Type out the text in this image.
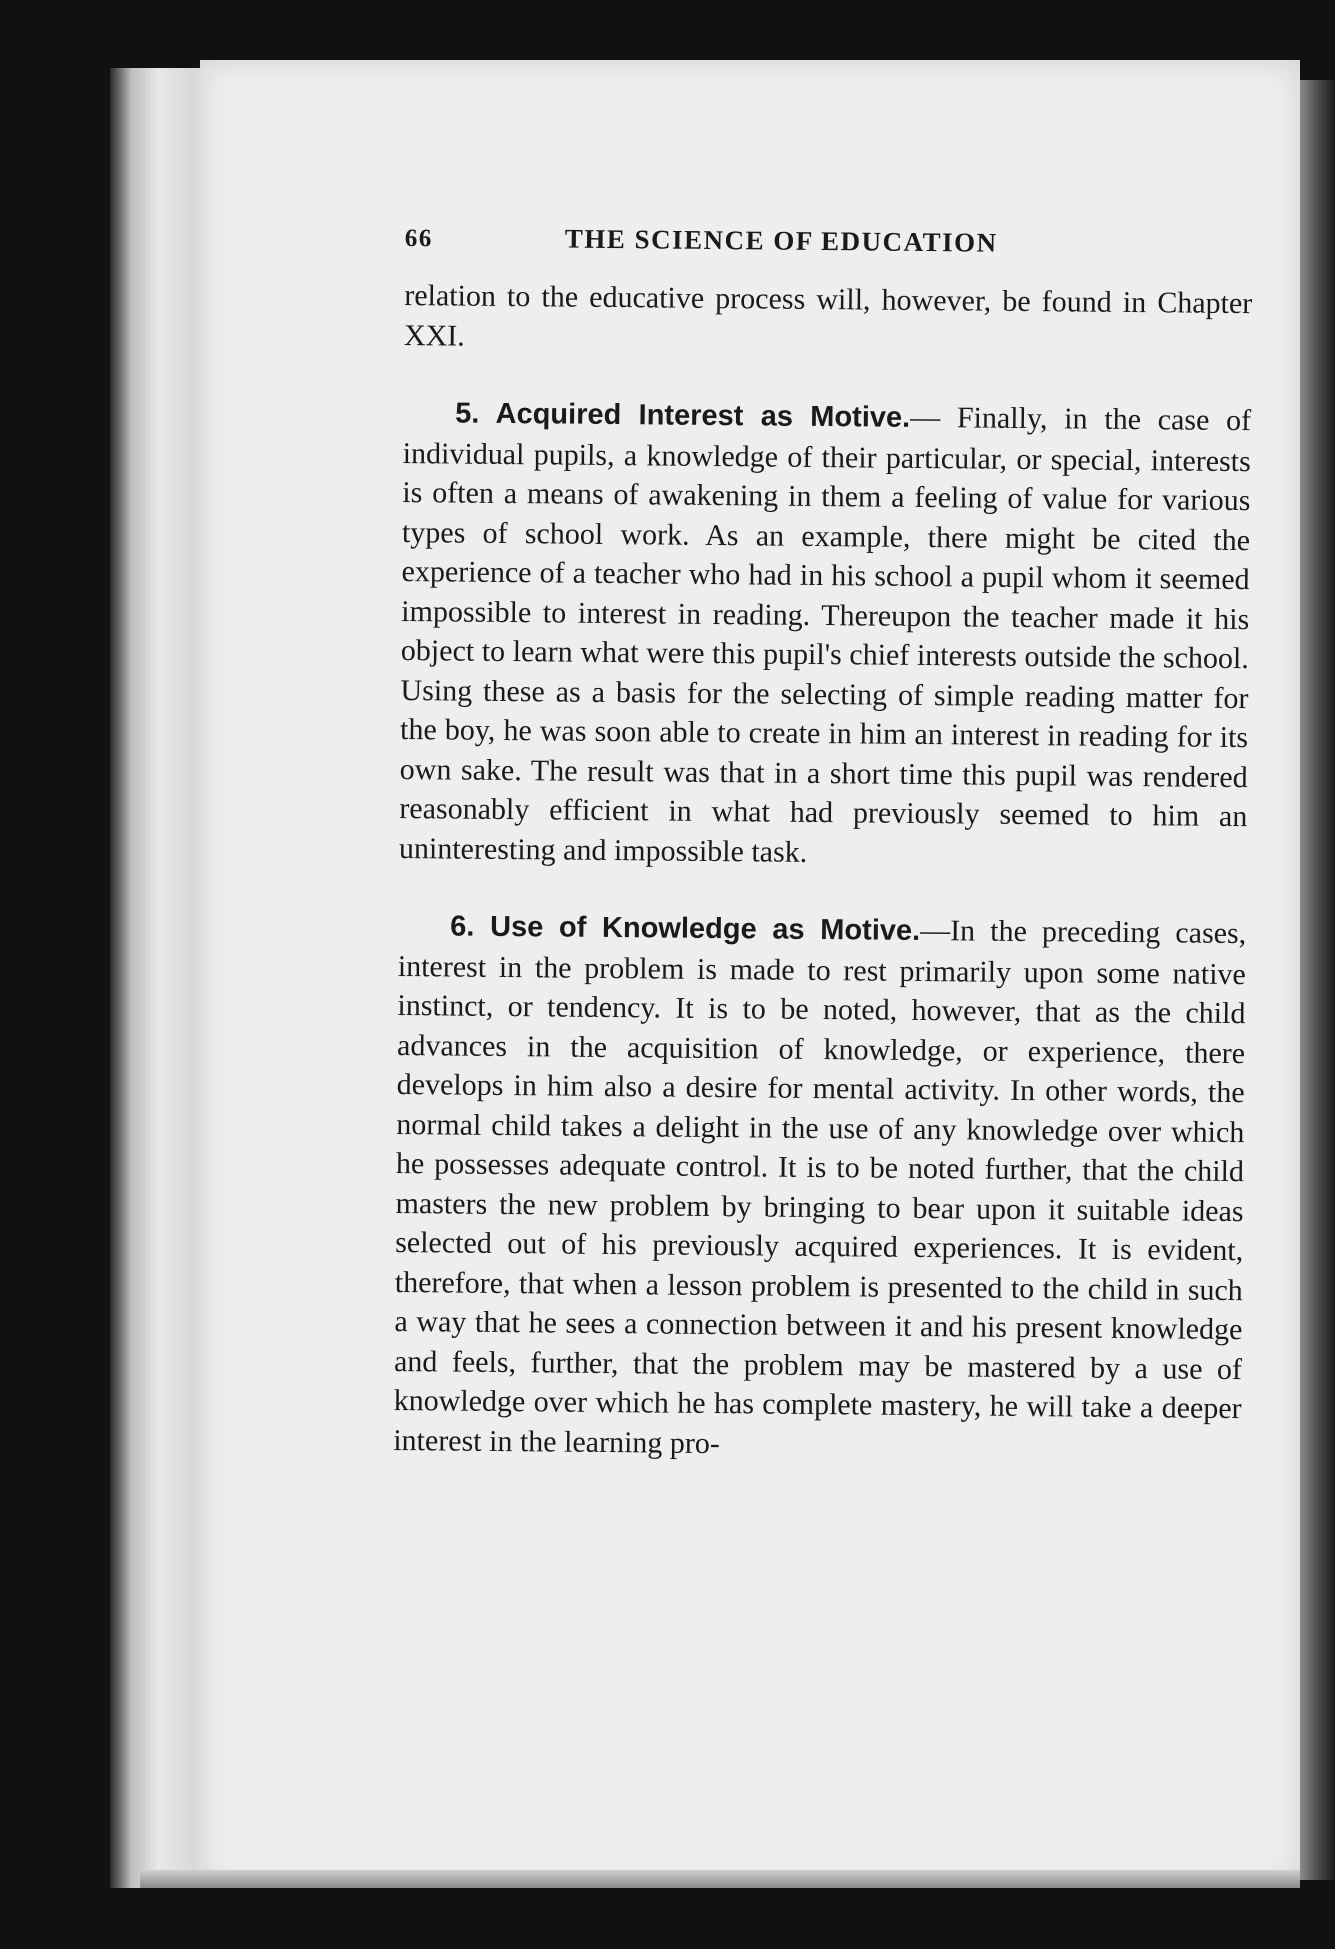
66	THE SCIENCE OF EDUCATION

relation to the educative process will, however, be found in Chapter XXI.

5. Acquired Interest as Motive.— Finally, in the case of individual pupils, a knowledge of their particular, or special, interests is often a means of awakening in them a feeling of value for various types of school work. As an example, there might be cited the experience of a teacher who had in his school a pupil whom it seemed impossible to interest in reading. Thereupon the teacher made it his object to learn what were this pupil's chief interests outside the school. Using these as a basis for the selecting of simple reading matter for the boy, he was soon able to create in him an interest in reading for its own sake. The result was that in a short time this pupil was rendered reasonably efficient in what had previously seemed to him an uninteresting and impossible task.

6. Use of Knowledge as Motive.—In the preceding cases, interest in the problem is made to rest primarily upon some native instinct, or tendency. It is to be noted, however, that as the child advances in the acquisition of knowledge, or experience, there develops in him also a desire for mental activity. In other words, the normal child takes a delight in the use of any knowledge over which he possesses adequate control. It is to be noted further, that the child masters the new problem by bringing to bear upon it suitable ideas selected out of his previously acquired experiences. It is evident, therefore, that when a lesson problem is presented to the child in such a way that he sees a connection between it and his present knowledge and feels, further, that the problem may be mastered by a use of knowledge over which he has complete mastery, he will take a deeper interest in the learning pro-
